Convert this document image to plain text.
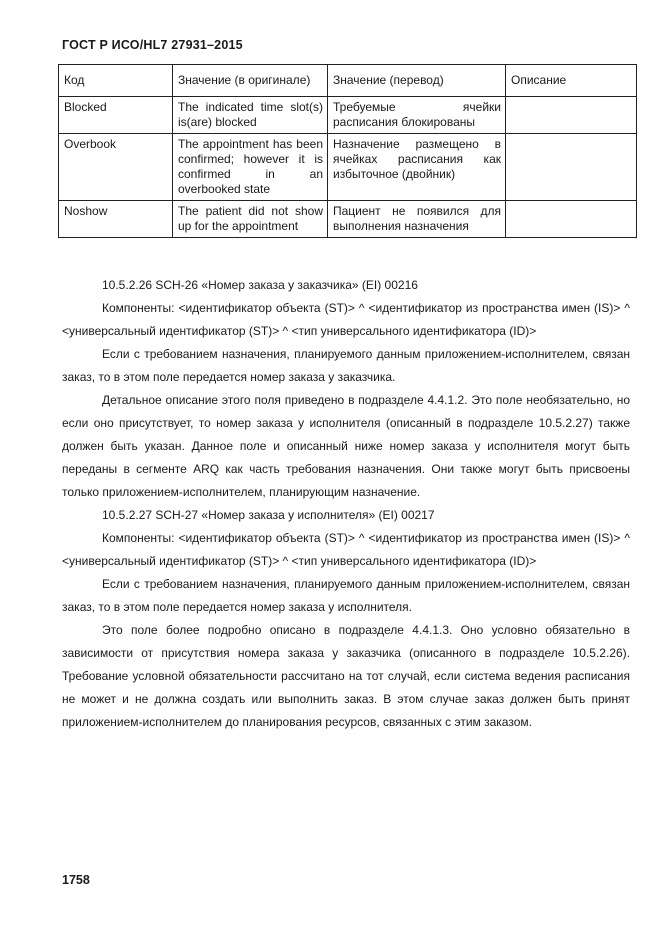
ГОСТ Р ИСО/HL7 27931–2015
Код	Значение (в оригинале)	Значение (перевод)	Описание
Blocked	The indicated time slot(s) is(are) blocked	Требуемые ячейки расписания блокированы	
Overbook	The appointment has been confirmed; however it is confirmed in an overbooked state	Назначение размещено в ячейках расписания как избыточное (двойник)	
Noshow	The patient did not show up for the appointment	Пациент не появился для выполнения назначения	

10.5.2.26 SCH-26 «Номер заказа у заказчика» (EI) 00216

Компоненты: <идентификатор объекта (ST)> ^ <идентификатор из пространства имен (IS)> ^ <универсальный идентификатор (ST)> ^ <тип универсального идентификатора (ID)>

Если с требованием назначения, планируемого данным приложением-исполнителем, связан заказ, то в этом поле передается номер заказа у заказчика.

Детальное описание этого поля приведено в подразделе 4.4.1.2. Это поле необязательно, но если оно присутствует, то номер заказа у исполнителя (описанный в подразделе 10.5.2.27) также должен быть указан. Данное поле и описанный ниже номер заказа у исполнителя могут быть переданы в сегменте ARQ как часть требования назначения. Они также могут быть присвоены только приложением-исполнителем, планирующим назначение.

10.5.2.27 SCH-27 «Номер заказа у исполнителя» (EI) 00217

Компоненты: <идентификатор объекта (ST)> ^ <идентификатор из пространства имен (IS)> ^ <универсальный идентификатор (ST)> ^ <тип универсального идентификатора (ID)>

Если с требованием назначения, планируемого данным приложением-исполнителем, связан заказ, то в этом поле передается номер заказа у исполнителя.

Это поле более подробно описано в подразделе 4.4.1.3. Оно условно обязательно в зависимости от присутствия номера заказа у заказчика (описанного в подразделе 10.5.2.26). Требование условной обязательности рассчитано на тот случай, если система ведения расписания не может и не должна создать или выполнить заказ. В этом случае заказ должен быть принят приложением-исполнителем до планирования ресурсов, связанных с этим заказом.

1758
